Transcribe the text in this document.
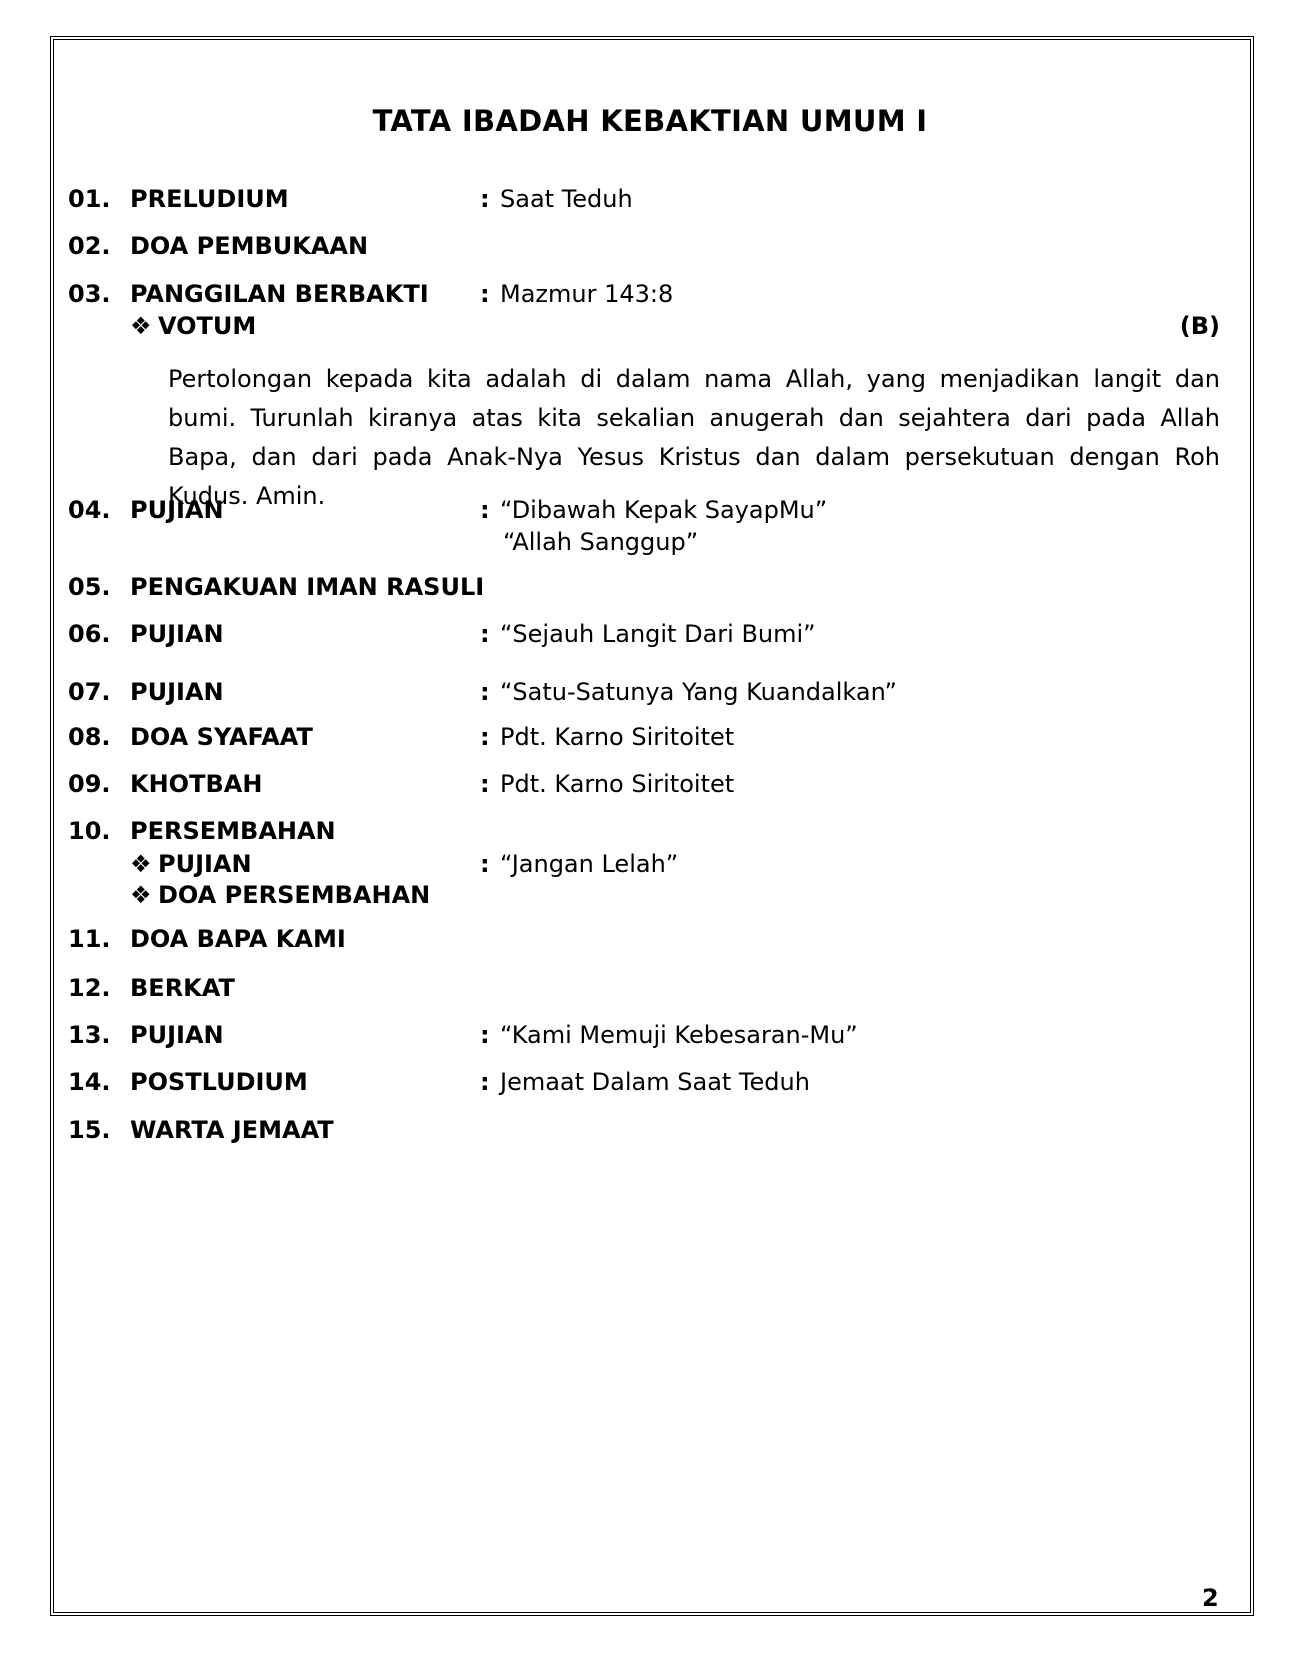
TATA IBADAH KEBAKTIAN UMUM I
01. PRELUDIUM	: Saat Teduh
02. DOA PEMBUKAAN
03. PANGGILAN BERBAKTI : Mazmur 143:8
❖ VOTUM	(B)
Pertolongan kepada kita adalah di dalam nama Allah, yang menjadikan langit dan bumi. Turunlah kiranya atas kita sekalian anugerah dan sejahtera dari pada Allah Bapa, dan dari pada Anak-Nya Yesus Kristus dan dalam persekutuan dengan Roh Kudus. Amin.
04. PUJIAN	: “Dibawah Kepak SayapMu”
“Allah Sanggup”
05. PENGAKUAN IMAN RASULI
06. PUJIAN	: “Sejauh Langit Dari Bumi”
07. PUJIAN	: “Satu-Satunya Yang Kuandalkan”
08. DOA SYAFAAT	: Pdt. Karno Siritoitet
09. KHOTBAH	: Pdt. Karno Siritoitet
10. PERSEMBAHAN
❖ PUJIAN	: “Jangan Lelah”
❖ DOA PERSEMBAHAN
11. DOA BAPA KAMI
12. BERKAT
13. PUJIAN	: “Kami Memuji Kebesaran-Mu”
14. POSTLUDIUM	: Jemaat Dalam Saat Teduh
15. WARTA JEMAAT
2
